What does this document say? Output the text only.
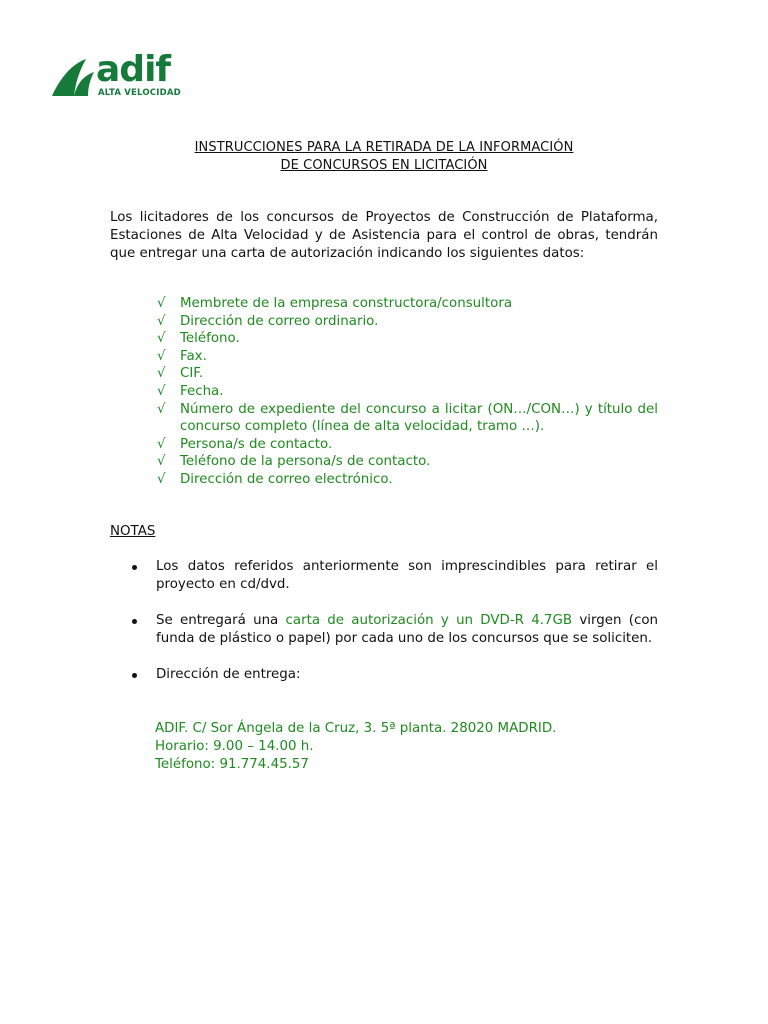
adif
ALTA VELOCIDAD
INSTRUCCIONES PARA LA RETIRADA DE LA INFORMACIÓN
DE CONCURSOS EN LICITACIÓN
Los licitadores de los concursos de Proyectos de Construcción de Plataforma, Estaciones de Alta Velocidad y de Asistencia para el control de obras, tendrán que entregar una carta de autorización indicando los siguientes datos:
√ Membrete de la empresa constructora/consultora
√ Dirección de correo ordinario.
√ Teléfono.
√ Fax.
√ CIF.
√ Fecha.
√ Número de expediente del concurso a licitar (ON…/CON…) y título del concurso completo (línea de alta velocidad, tramo …).
√ Persona/s de contacto.
√ Teléfono de la persona/s de contacto.
√ Dirección de correo electrónico.
NOTAS
Los datos referidos anteriormente son imprescindibles para retirar el proyecto en cd/dvd.
Se entregará una carta de autorización y un DVD-R 4.7GB virgen (con funda de plástico o papel) por cada uno de los concursos que se soliciten.
Dirección de entrega:
ADIF. C/ Sor Ángela de la Cruz, 3. 5ª planta. 28020 MADRID.
Horario: 9.00 – 14.00 h.
Teléfono: 91.774.45.57
